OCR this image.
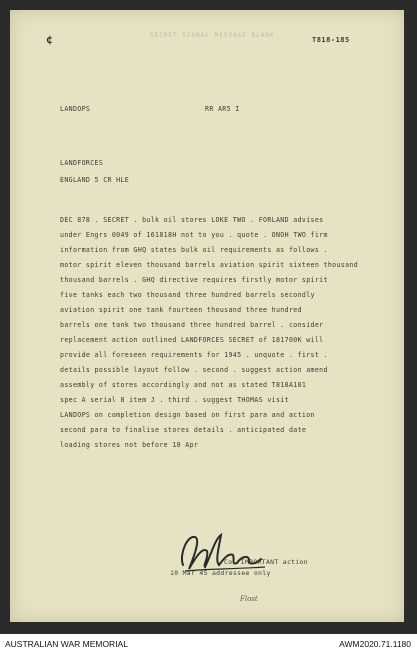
¢	SECRET SIGNAL MESSAGE BLANK
T818-185
LANDOPS	RR AR5 I
LANDFORCES
ENGLAND 5 CR HLE
DEC 878 . SECRET . bulk oil stores LOKE TWO . FORLAND advises
under Engrs 0049 of 161818H not to you . quote . ONOH TWO firm
information from GHQ states bulk oil requirements as follows .
motor spirit eleven thousand barrels aviation spirit sixteen thousand
thousand barrels . GHQ directive requires firstly motor spirit
five tanks each two thousand three hundred barrels secondly
aviation spirit one tank fourteen thousand three hundred
barrels one tank two thousand three hundred barrel . consider
replacement action outlined LANDFORCES SECRET of 181700K will
provide all foreseen requirements for 1945 . unquote . first .
details possible layout follow . second . suggest action amend
assembly of stores accordingly and not as stated T818A101
spec A serial 8 item J . third . suggest THOMAS visit
LANDOPS on completion design based on first para and action
second para to finalise stores details . anticipated date
loading stores not before 10 Apr
Col IMPORTANT action
10 Mar 45 addressee only
Flost
AUSTRALIAN WAR MEMORIAL	AWM2020.71.1180
